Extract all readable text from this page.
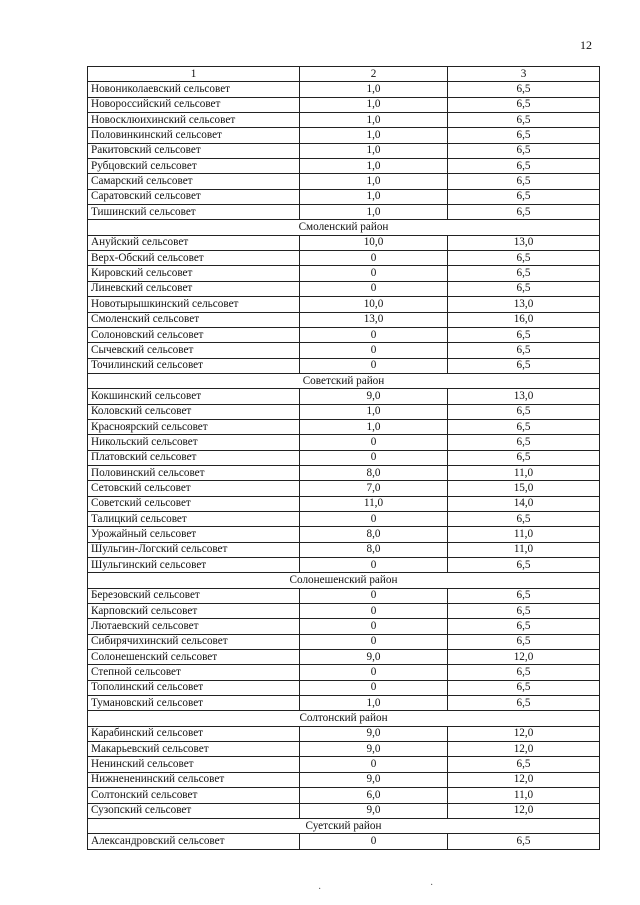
12
1	2	3
Новониколаевский сельсовет	1,0	6,5
Новороссийский сельсовет	1,0	6,5
Новосклюихинский сельсовет	1,0	6,5
Половинкинский сельсовет	1,0	6,5
Ракитовский сельсовет	1,0	6,5
Рубцовский сельсовет	1,0	6,5
Самарский сельсовет	1,0	6,5
Саратовский сельсовет	1,0	6,5
Тишинский сельсовет	1,0	6,5
Смоленский район		
Ануйский сельсовет	10,0	13,0
Верх-Обский сельсовет	0	6,5
Кировский сельсовет	0	6,5
Линевский сельсовет	0	6,5
Новотырышкинский сельсовет	10,0	13,0
Смоленский сельсовет	13,0	16,0
Солоновский сельсовет	0	6,5
Сычевский сельсовет	0	6,5
Точилинский сельсовет	0	6,5
Советский район		
Кокшинский сельсовет	9,0	13,0
Коловский сельсовет	1,0	6,5
Красноярский сельсовет	1,0	6,5
Никольский сельсовет	0	6,5
Платовский сельсовет	0	6,5
Половинский сельсовет	8,0	11,0
Сетовский сельсовет	7,0	15,0
Советский сельсовет	11,0	14,0
Талицкий сельсовет	0	6,5
Урожайный сельсовет	8,0	11,0
Шульгин-Логский сельсовет	8,0	11,0
Шульгинский сельсовет	0	6,5
Солонешенский район		
Березовский сельсовет	0	6,5
Карповский сельсовет	0	6,5
Лютаевский сельсовет	0	6,5
Сибирячихинский сельсовет	0	6,5
Солонешенский сельсовет	9,0	12,0
Степной сельсовет	0	6,5
Тополинский сельсовет	0	6,5
Тумановский сельсовет	1,0	6,5
Солтонский район		
Карабинский сельсовет	9,0	12,0
Макарьевский сельсовет	9,0	12,0
Ненинский сельсовет	0	6,5
Нижнененинский сельсовет	9,0	12,0
Солтонский сельсовет	6,0	11,0
Сузопский сельсовет	9,0	12,0
Суетский район		
Александровский сельсовет	0	6,5
·	·
